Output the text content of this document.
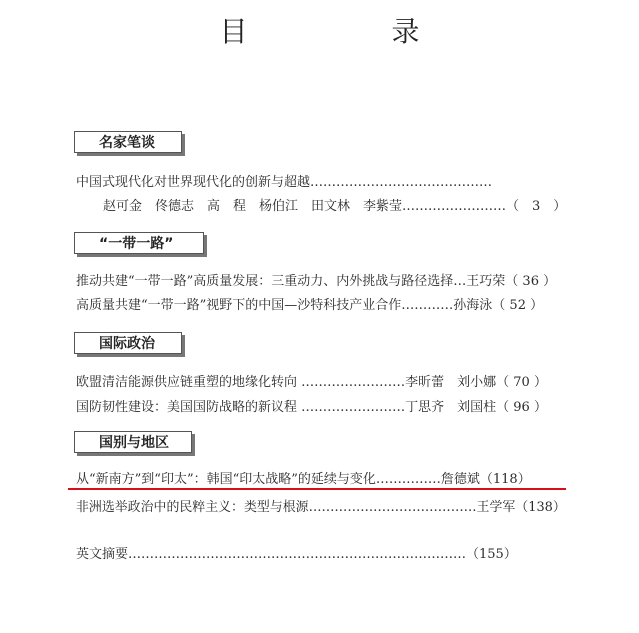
目　录
名家笔谈
中国式现代化对世界现代化的创新与超越……………………………………
赵可金　佟德志　高　程　杨伯江　田文林　李紫莹……………………（　3　）
“一带一路”
推动共建“一带一路”高质量发展：三重动力、内外挑战与路径选择…王巧荣（ 36 ）
高质量共建“一带一路”视野下的中国—沙特科技产业合作…………孙海泳（ 52 ）
国际政治
欧盟清洁能源供应链重塑的地缘化转向 ……………………李昕蕾　刘小娜（ 70 ）
国防韧性建设：美国国防战略的新议程 ……………………丁思齐　刘国柱（ 96 ）
国别与地区
从“新南方”到“印太”：韩国“印太战略”的延续与变化……………詹德斌（118）
非洲选举政治中的民粹主义：类型与根源…………………………………王学军（138）
英文摘要……………………………………………………………………（155）
